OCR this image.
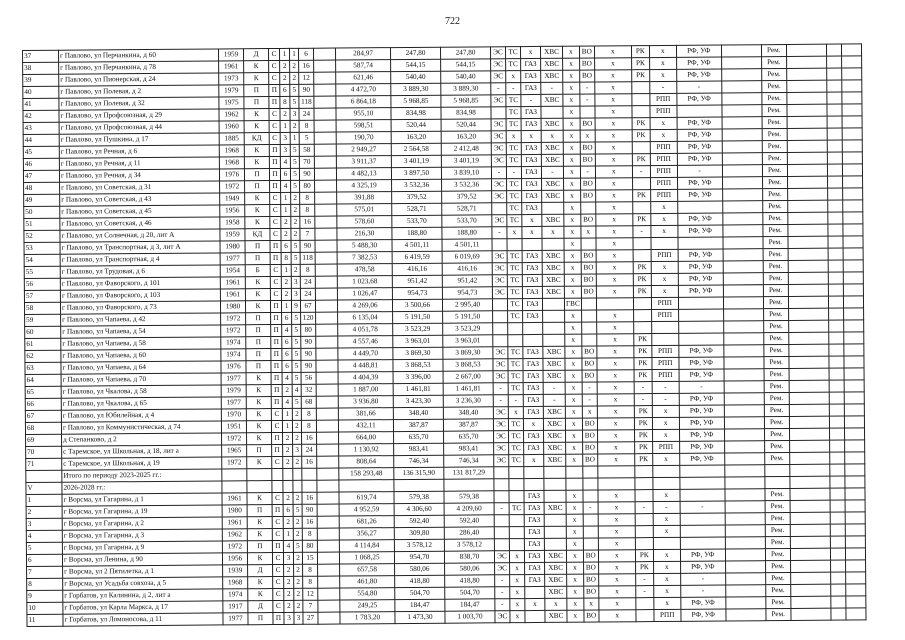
722
37	г Павлово, ул Перчанкина, д 60	1959	Д	С	1	1	6		284,97	247,80	247,80	ЭС	ТС	х	ХВС	х	ВО	х	РК	х	РФ, УФ		Рем.			
38	г Павлово, ул Перчанкина, д 78	1961	К	С	2	2	16		587,74	544,15	544,15	ЭС	ТС	ГАЗ	ХВС	х	ВО	х	РК	х	РФ, УФ		Рем.			
39	г Павлово, ул Пионерская, д 24	1973	К	С	2	2	12		621,46	540,40	540,40	ЭС	х	ГАЗ	ХВС	х	ВО	х	РК	х	РФ, УФ		Рем.			
40	г Павлово, ул Полевая, д 2	1979	П	П	6	5	90		4 472,70	3 889,30	3 889,30	-	-	ГАЗ	-	х	-	х		-	-		Рем.			
41	г Павлово, ул Полевая, д 32	1975	П	П	8	5	118		6 864,18	5 968,85	5 968,85	ЭС	ТС	-	ХВС	х	-	х		РПП	РФ, УФ		Рем.			
42	г Павлово, ул Профсоюзная, д 29	1962	К	С	2	3	24		955,10	834,98	834,98		ТС	ГАЗ		х		х		РПП			Рем.			
43	г Павлово, ул Профсоюзная, д 44	1960	К	С	1	2	8		598,51	520,44	520,44	ЭС	ТС	ГАЗ	ХВС	х	ВО	х	РК	х	РФ, УФ		Рем.			
44	г Павлово, ул Пушкина, д 17	1885	КД	С	3	1	5		190,70	163,20	163,20	ЭС	х	х	х	х	х	х	РК	х	РФ, УФ		Рем.			
45	г Павлово, ул Речная, д 6	1968	К	П	3	5	58		2 949,27	2 564,58	2 412,48	ЭС	ТС	ГАЗ	ХВС	х	ВО	х		РПП	РФ, УФ		Рем.			
46	г Павлово, ул Речная, д 11	1968	К	П	4	5	70		3 911,37	3 401,19	3 401,19	ЭС	ТС	ГАЗ	ХВС	х	ВО	х	РК	РПП	РФ, УФ		Рем.			
47	г Павлово, ул Речная, д 34	1976	П	П	6	5	90		4 482,13	3 897,50	3 839,10	-	-	ГАЗ	-	х	-	х	-	РПП	-		Рем.			
48	г Павлово, ул Советская, д 31	1972	П	П	4	5	80		4 325,19	3 532,36	3 532,36	ЭС	ТС	ГАЗ	ХВС	х	ВО	х		РПП	РФ, УФ		Рем.			
49	г Павлово, ул Советская, д 43	1949	К	С	1	2	8		391,88	379,52	379,52	ЭС	ТС	ГАЗ	ХВС	х	ВО	х	РК	РПП	РФ, УФ		Рем.			
50	г Павлово, ул Советская, д 45	1956	К	С	1	2	8		575,01	528,71	528,71		ТС	ГАЗ		х		х		х			Рем.			
51	г Павлово, ул Советская, д 46	1958	К	С	2	2	16		578,60	533,70	533,70	ЭС	ТС	х	ХВС	х	ВО	х	РК	х	РФ, УФ		Рем.			
52	г Павлово, ул Солнечная, д 20, лит А	1959	КД	С	2	2	7		216,30	188,80	188,80	-	х	х	х	х	х	х	-	х	РФ, УФ		Рем.			
53	г Павлово, ул Транспортная, д 3, лит А	1980	П	П	6	5	90		5 488,30	4 501,11	4 501,11					х		х					Рем.			
54	г Павлово, ул Транспортная, д 4	1977	П	П	8	5	118		7 382,53	6 419,59	6 019,69	ЭС	ТС	ГАЗ	ХВС	х	ВО	х		РПП	РФ, УФ		Рем.			
55	г Павлово, ул Трудовая, д 6	1954	Б	С	1	2	8		478,58	416,16	416,16	ЭС	ТС	ГАЗ	ХВС	х	ВО	х	РК	х	РФ, УФ		Рем.			
56	г Павлово, ул Фаворского, д 101	1961	К	С	2	3	24		1 023,68	951,42	951,42	ЭС	ТС	ГАЗ	ХВС	х	ВО	х	РК	х	РФ, УФ		Рем.			
57	г Павлово, ул Фаворского, д 103	1961	К	С	2	3	24		1 026,47	954,73	954,73	ЭС	ТС	ГАЗ	ХВС	х	ВО	х	РК	х	РФ, УФ		Рем.			
58	г Павлово, ул Фаворского, д 73	1980	К	П	1	9	67		4 269,06	3 500,66	2 995,40		ТС	ГАЗ		ГВС				РПП			Рем.			
59	г Павлово, ул Чапаева, д 42	1972	П	П	6	5	120		6 135,04	5 191,50	5 191,50		ТС	ГАЗ		х		х		РПП			Рем.			
60	г Павлово, ул Чапаева, д 54	1972	П	П	4	5	80		4 051,78	3 523,29	3 523,29					х		х					Рем.			
61	г Павлово, ул Чапаева, д 58	1974	П	П	6	5	90		4 557,46	3 963,01	3 963,01					х		х	РК				Рем.			
62	г Павлово, ул Чапаева, д 60	1974	П	П	6	5	90		4 449,70	3 869,30	3 869,30	ЭС	ТС	ГАЗ	ХВС	х	ВО	х	РК	РПП	РФ, УФ		Рем.			
63	г Павлово, ул Чапаева, д 64	1976	П	П	6	5	90		4 448,81	3 868,53	3 868,53	ЭС	ТС	ГАЗ	ХВС	х	ВО	х	РК	РПП	РФ, УФ		Рем.			
64	г Павлово, ул Чапаева, д 70	1977	К	П	4	5	56		4 404,39	3 396,00	2 667,00	ЭС	ТС	ГАЗ	ХВС	х	ВО	х	РК	РПП	РФ, УФ		Рем.			
65	г Павлово, ул Чкалова, д 58	1979	К	П	2	4	32		1 887,00	1 461,81	1 461,81	-	ТС	ГАЗ	-	х	-	х	-	-	-		Рем.			
66	г Павлово, ул Чкалова, д 65	1977	К	П	4	5	68		3 936,80	3 423,30	3 236,30	-	-	ГАЗ	-	х	-	х	-	-	РФ, УФ		Рем.			
67	г Павлово, ул Юбилейная, д 4	1970	К	С	1	2	8		381,66	348,40	348,40	ЭС	х	ГАЗ	ХВС	х	х	х	РК	х	РФ, УФ		Рем.			
68	г Павлово, ул Коммунистическая, д 74	1951	К	С	1	2	8		432,11	387,87	387,87	ЭС	ТС	х	ХВС	х	ВО	х	РК	х	РФ, УФ		Рем.			
69	д Степанково, д 2	1972	К	П	2	2	16		664,00	635,70	635,70	ЭС	ТС	ГАЗ	ХВС	х	ВО	х	РК	х	РФ, УФ		Рем.			
70	с Таремское, ул Школьная, д 18, лит а	1965	П	П	2	3	24		1 130,92	983,41	983,41	ЭС	ТС	ГАЗ	ХВС	х	ВО	х	РК	РПП	РФ, УФ		Рем.			
71	с Таремское, ул Школьная, д 19	1972	К	С	2	2	16		808,64	746,34	746,34	ЭС	ТС	х	ХВС	х	ВО	х	РК	х	РФ, УФ		Рем.			
	Итого по периоду 2023-2025 гг.:								158 293,48	136 315,90	131 817,29															
V	2026-2028 гг.:																									
1	г Ворсма, ул Гагарина, д 1	1961	К	С	2	2	16		619,74	579,38	579,38			ГАЗ		х		х		х			Рем.			
2	г Ворсма, ул Гагарина, д 19	1980	П	П	6	5	90		4 952,59	4 306,60	4 209,60	-	ТС	ГАЗ	ХВС	х	-	х	-	-	-		Рем.			
3	г Ворсма, ул Гагарина, д 2	1961	К	С	2	2	16		681,26	592,40	592,40			ГАЗ		х		х		х			Рем.			
4	г Ворсма, ул Гагарина, д 3	1962	К	С	1	2	8		356,27	309,80	286,40			ГАЗ		х		х		х			Рем.			
5	г Ворсма, ул Гагарина, д 9	1972	П	П	4	5	80		4 114,84	3 578,12	3 578,12			ГАЗ		х		х					Рем.			
6	г Ворсма, ул Ленина, д 90	1956	К	С	3	2	15		1 068,25	954,70	838,70	ЭС	х	ГАЗ	ХВС	х	ВО	х	РК	х	РФ, УФ		Рем.			
7	г Ворсма, ул 2 Пятилетка, д 1	1939	Д	С	2	2	8		657,58	580,06	580,06	ЭС	х	ГАЗ	ХВС	х	ВО	х	РК	х	РФ, УФ		Рем.			
8	г Ворсма, ул Усадьба совхоза, д 5	1968	К	С	2	2	8		461,80	418,80	418,80	-	х	ГАЗ	ХВС	х	ВО	х	-	х	-		Рем.			
9	г Горбатов, ул Калинина, д 2, лит а	1974	К	С	2	2	12		554,80	504,70	504,70	-	х		ХВС	х	ВО	х	-	х	-		Рем.			
10	г Горбатов, ул Карла Маркса, д 17	1917	Д	С	2	2	7		249,25	184,47	184,47	-	х	х	х	х	х	х		х	РФ, УФ		Рем.			
11	г Горбатов, ул Ломоносова, д 11	1977	П	П	3	3	27		1 783,20	1 473,30	1 003,70	ЭС	х		ХВС	х	ВО	х		РПП	РФ, УФ		Рем.			
